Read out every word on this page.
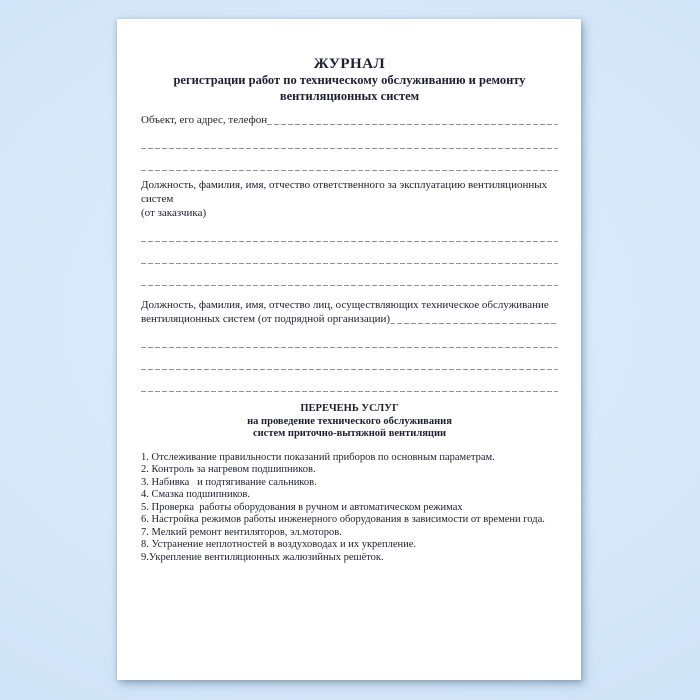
ЖУРНАЛ
регистрации работ по техническому обслуживанию и ремонту
вентиляционных систем
Объект, его адрес, телефон
Должность, фамилия, имя, отчество ответственного за эксплуатацию вентиляционных систем
(от заказчика)
Должность, фамилия, имя, отчество лиц, осуществляющих техническое обслуживание
вентиляционных систем (от подрядной организации)
ПЕРЕЧЕНЬ УСЛУГ
на проведение технического обслуживания
систем приточно-вытяжной вентиляции
1. Отслеживание правильности показаний приборов по основным параметрам.
2. Контроль за нагревом подшипников.
3. Набивка   и подтягивание сальников.
4. Смазка подшипников.
5. Проверка  работы оборудования в ручном и автоматическом режимах
6. Настройка режимов работы инженерного оборудования в зависимости от времени года.
7. Мелкий ремонт вентиляторов, эл.моторов.
8. Устранение неплотностей в воздуховодах и их укрепление.
9.Укрепление вентиляционных жалюзийных решёток.
